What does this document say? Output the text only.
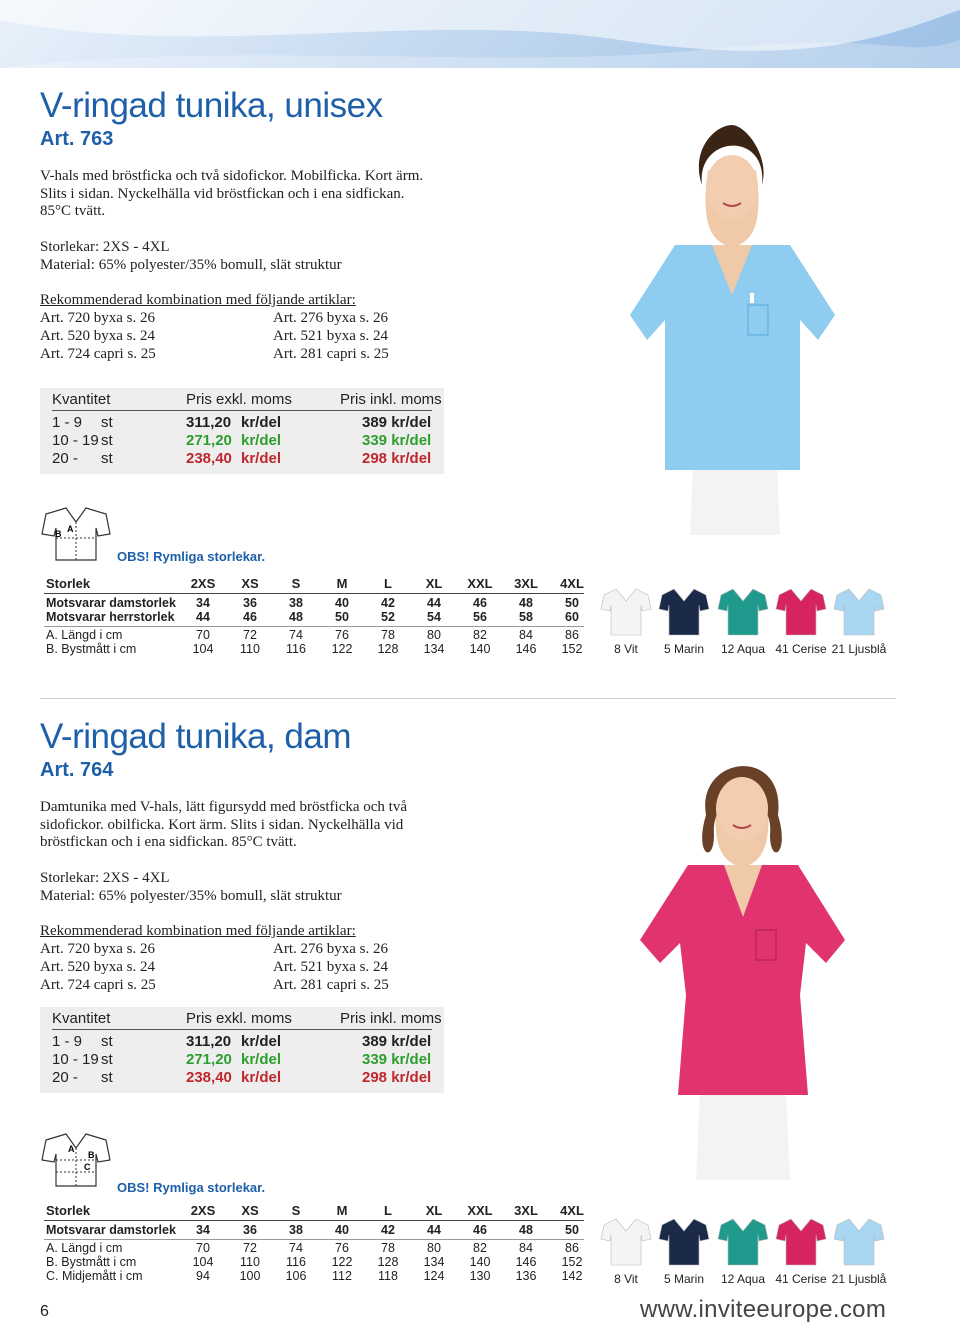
V-ringad tunika, unisex
Art. 763
V-hals med bröstficka och två sidofickor. Mobilficka. Kort ärm.
Slits i sidan. Nyckelhälla vid bröstfickan och i ena sidfickan.
85°C tvätt.
Storlekar: 2XS - 4XL
Material: 65% polyester/35% bomull, slät struktur
Rekommenderad kombination med följande artiklar:
Art. 720 byxa s. 26
Art. 520 byxa s. 24
Art. 724 capri s. 25
Art. 276 byxa s. 26
Art. 521 byxa s. 24
Art. 281 capri s. 25
Kvantitet	Pris exkl. moms	Pris inkl. moms
1 - 9 st	311,20 kr/del	389 kr/del
10 - 19 st	271,20 kr/del	339 kr/del
20 - st	238,40 kr/del	298 kr/del
B A
OBS! Rymliga storlekar.
V-ringad tunika, dam
Art. 764
Damtunika med V-hals, lätt figursydd med bröstficka och två
sidofickor. obilficka. Kort ärm. Slits i sidan. Nyckelhälla vid
bröstfickan och i ena sidfickan. 85°C tvätt.
Storlekar: 2XS - 4XL
Material: 65% polyester/35% bomull, slät struktur
Rekommenderad kombination med följande artiklar:
Art. 720 byxa s. 26
Art. 520 byxa s. 24
Art. 724 capri s. 25
Art. 276 byxa s. 26
Art. 521 byxa s. 24
Art. 281 capri s. 25
Kvantitet	Pris exkl. moms	Pris inkl. moms
1 - 9 st	311,20 kr/del	389 kr/del
10 - 19 st	271,20 kr/del	339 kr/del
20 - st	238,40 kr/del	298 kr/del
A
B
C
OBS! Rymliga storlekar.
6	www.inviteeurope.com
Storlek	2XS	XS	S	M	L	XL	XXL	3XL	4XL
Motsvarar damstorlek	34	36	38	40	42	44	46	48	50
Motsvarar herrstorlek	44	46	48	50	52	54	56	58	60
A. Längd i cm	70	72	74	76	78	80	82	84	86
B. Bystmått i cm	104	110	116	122	128	134	140	146	152
Storlek	2XS	XS	S	M	L	XL	XXL	3XL	4XL
Motsvarar damstorlek	34	36	38	40	42	44	46	48	50
A. Längd i cm	70	72	74	76	78	80	82	84	86
B. Bystmått i cm	104	110	116	122	128	134	140	146	152
C. Midjemått i cm	94	100	106	112	118	124	130	136	142
8 Vit	5 Marin	12 Aqua 41 Cerise 21 Ljusblå
8 Vit	5 Marin	12 Aqua 41 Cerise 21 Ljusblå
